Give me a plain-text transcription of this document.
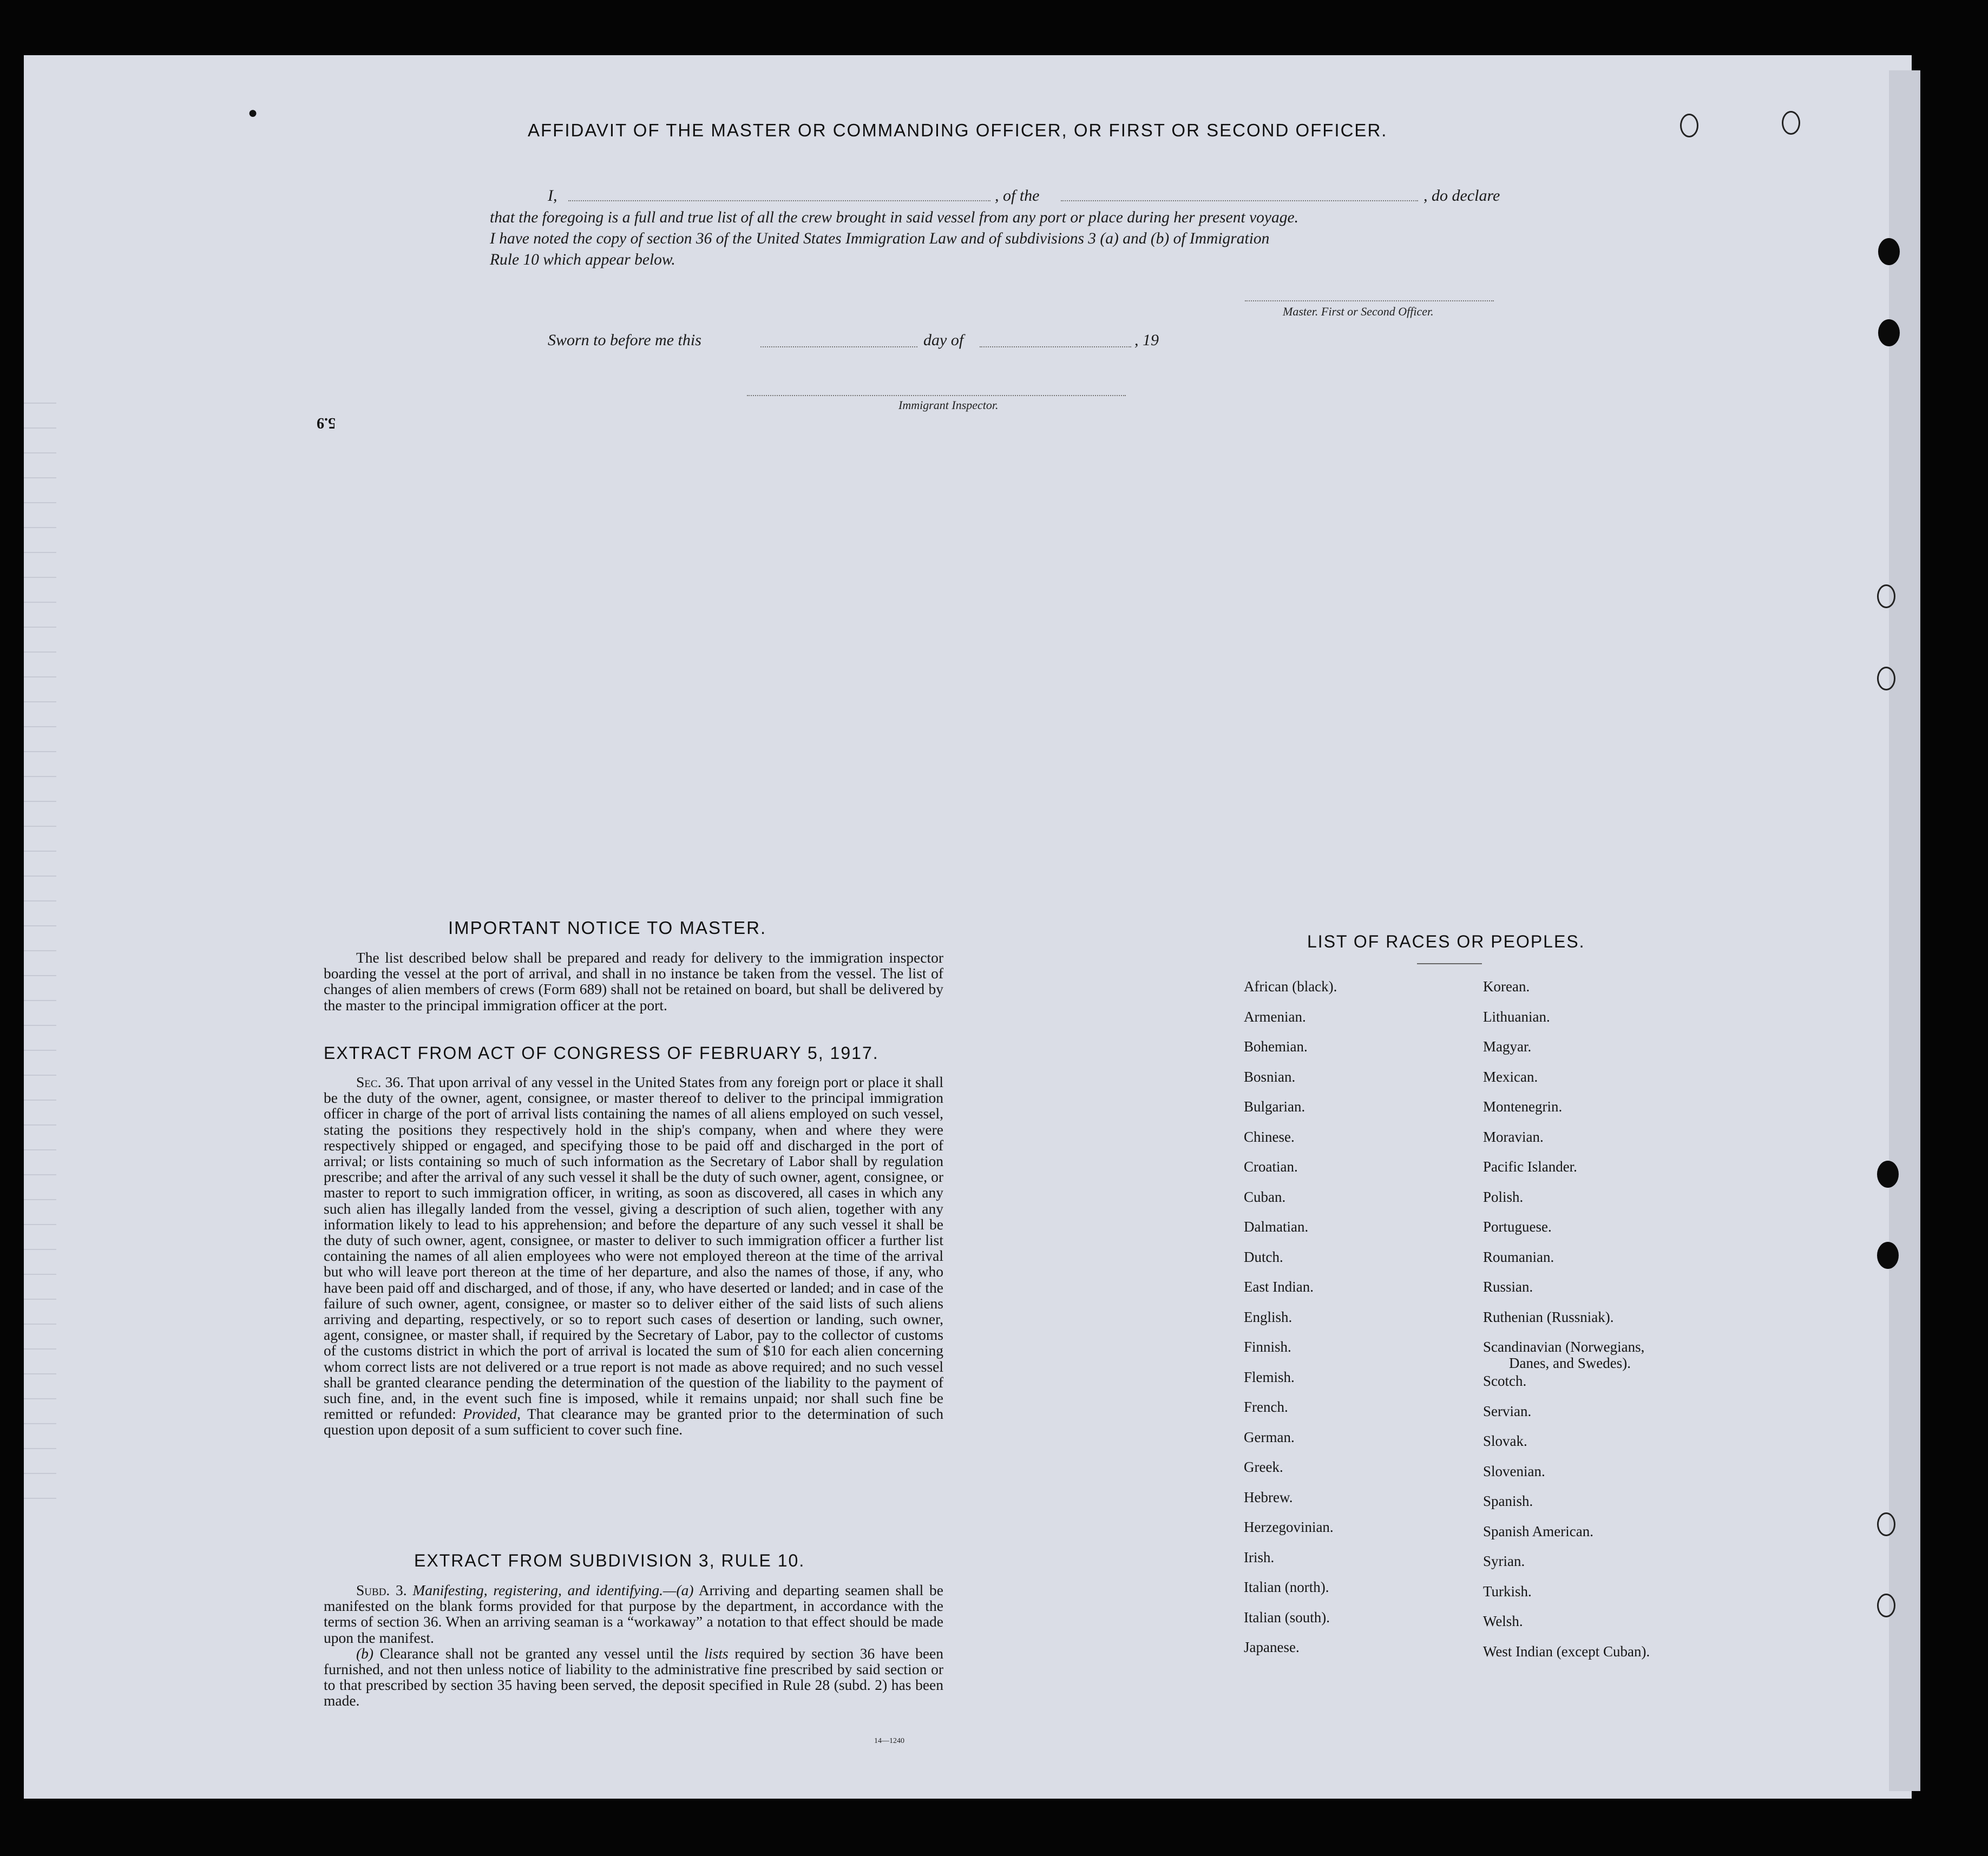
●
AFFIDAVIT OF THE MASTER OR COMMANDING OFFICER, OR FIRST OR SECOND OFFICER.
I,	, of the	, do declare
that the foregoing is a full and true list of all the crew brought in said vessel from any port or place during her present voyage.
I have noted the copy of section 36 of the United States Immigration Law and of subdivisions 3 (a) and (b) of Immigration
Rule 10 which appear below.
Master. First or Second Officer.
Sworn to before me this	day of	, 19
Immigrant Inspector.
5.9
IMPORTANT NOTICE TO MASTER.
The list described below shall be prepared and ready for delivery to the immigration inspector boarding the vessel at the port of arrival, and shall in no instance be taken from the vessel. The list of changes of alien members of crews (Form 689) shall not be retained on board, but shall be delivered by the master to the principal immigration officer at the port.
EXTRACT FROM ACT OF CONGRESS OF FEBRUARY 5, 1917.
Sec. 36. That upon arrival of any vessel in the United States from any foreign port or place it shall be the duty of the owner, agent, consignee, or master thereof to deliver to the principal immigration officer in charge of the port of arrival lists containing the names of all aliens employed on such vessel, stating the positions they respectively hold in the ship's company, when and where they were respectively shipped or engaged, and specifying those to be paid off and discharged in the port of arrival; or lists containing so much of such information as the Secretary of Labor shall by regulation prescribe; and after the arrival of any such vessel it shall be the duty of such owner, agent, consignee, or master to report to such immigration officer, in writing, as soon as discovered, all cases in which any such alien has illegally landed from the vessel, giving a description of such alien, together with any information likely to lead to his apprehension; and before the departure of any such vessel it shall be the duty of such owner, agent, consignee, or master to deliver to such immigration officer a further list containing the names of all alien employees who were not employed thereon at the time of the arrival but who will leave port thereon at the time of her departure, and also the names of those, if any, who have been paid off and discharged, and of those, if any, who have deserted or landed; and in case of the failure of such owner, agent, consignee, or master so to deliver either of the said lists of such aliens arriving and departing, respectively, or so to report such cases of desertion or landing, such owner, agent, consignee, or master shall, if required by the Secretary of Labor, pay to the collector of customs of the customs district in which the port of arrival is located the sum of $10 for each alien concerning whom correct lists are not delivered or a true report is not made as above required; and no such vessel shall be granted clearance pending the determination of the question of the liability to the payment of such fine, and, in the event such fine is imposed, while it remains unpaid; nor shall such fine be remitted or refunded: Provided, That clearance may be granted prior to the determination of such question upon deposit of a sum sufficient to cover such fine.
EXTRACT FROM SUBDIVISION 3, RULE 10.
Subd. 3. Manifesting, registering, and identifying.—(a) Arriving and departing seamen shall be manifested on the blank forms provided for that purpose by the department, in accordance with the terms of section 36. When an arriving seaman is a “workaway” a notation to that effect should be made upon the manifest.
(b) Clearance shall not be granted any vessel until the lists required by section 36 have been furnished, and not then unless notice of liability to the administrative fine prescribed by said section or to that prescribed by section 35 having been served, the deposit specified in Rule 28 (subd. 2) has been made.
14—1240
LIST OF RACES OR PEOPLES.
African (black).
Armenian.
Bohemian.
Bosnian.
Bulgarian.
Chinese.
Croatian.
Cuban.
Dalmatian.
Dutch.
East Indian.
English.
Finnish.
Flemish.
French.
German.
Greek.
Hebrew.
Herzegovinian.
Irish.
Italian (north).
Italian (south).
Japanese.
Korean.
Lithuanian.
Magyar.
Mexican.
Montenegrin.
Moravian.
Pacific Islander.
Polish.
Portuguese.
Roumanian.
Russian.
Ruthenian (Russniak).
Scandinavian (Norwegians,
Danes, and Swedes).
Scotch.
Servian.
Slovak.
Slovenian.
Spanish.
Spanish American.
Syrian.
Turkish.
Welsh.
West Indian (except Cuban).
